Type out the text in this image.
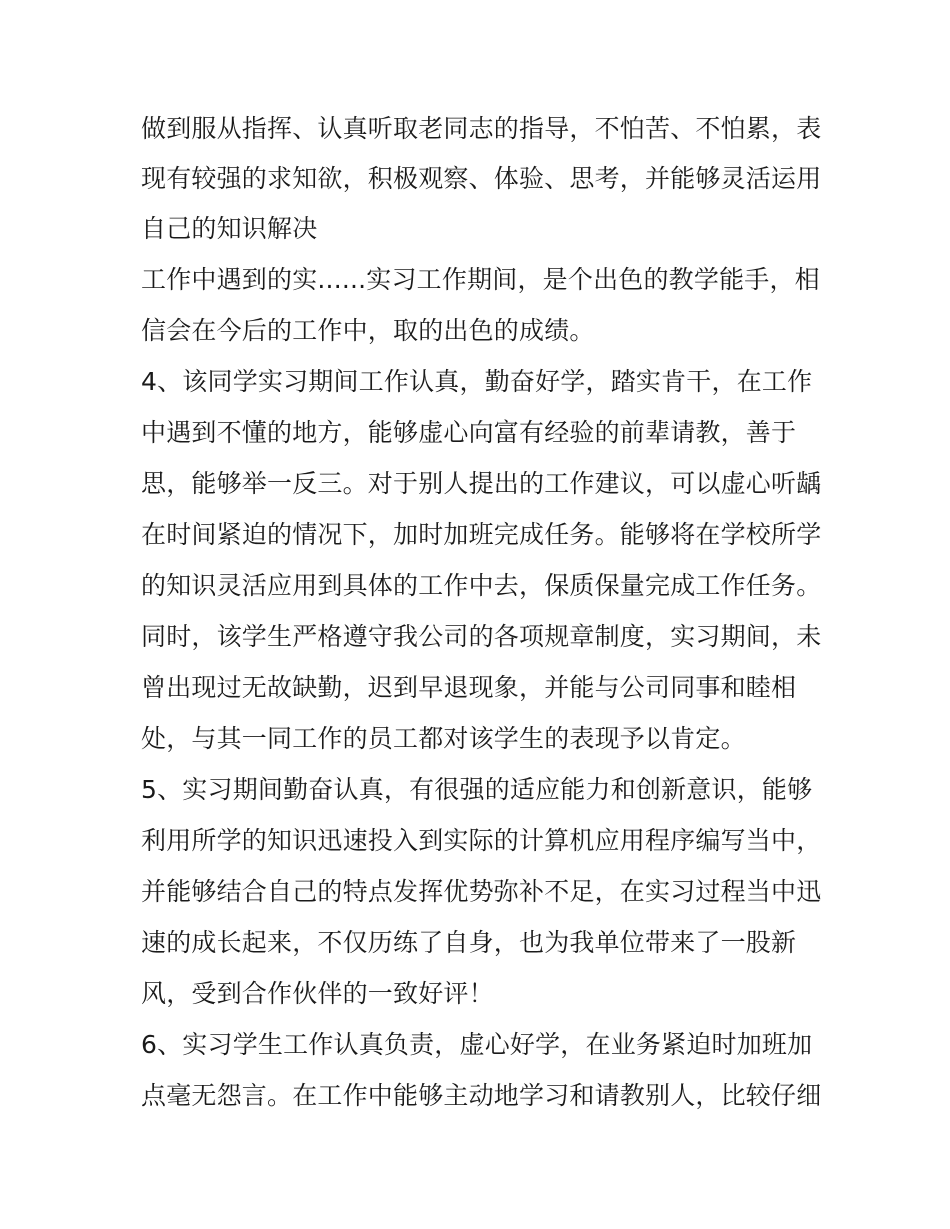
做到服从指挥、认真听取老同志的指导，不怕苦、不怕累，表

现有较强的求知欲，积极观察、体验、思考，并能够灵活运用

自己的知识解决

工作中遇到的实......实习工作期间，是个出色的教学能手，相

信会在今后的工作中，取的出色的成绩。

4、该同学实习期间工作认真，勤奋好学，踏实肯干，在工作

中遇到不懂的地方，能够虚心向富有经验的前辈请教，善于

思，能够举一反三。对于别人提出的工作建议，可以虚心听龋

在时间紧迫的情况下，加时加班完成任务。能够将在学校所学

的知识灵活应用到具体的工作中去，保质保量完成工作任务。

同时，该学生严格遵守我公司的各项规章制度，实习期间，未

曾出现过无故缺勤，迟到早退现象，并能与公司同事和睦相

处，与其一同工作的员工都对该学生的表现予以肯定。

5、实习期间勤奋认真，有很强的适应能力和创新意识，能够

利用所学的知识迅速投入到实际的计算机应用程序编写当中，

并能够结合自己的特点发挥优势弥补不足，在实习过程当中迅

速的成长起来，不仅历练了自身，也为我单位带来了一股新

风，受到合作伙伴的一致好评！

6、实习学生工作认真负责，虚心好学，在业务紧迫时加班加

点毫无怨言。在工作中能够主动地学习和请教别人，比较仔细
